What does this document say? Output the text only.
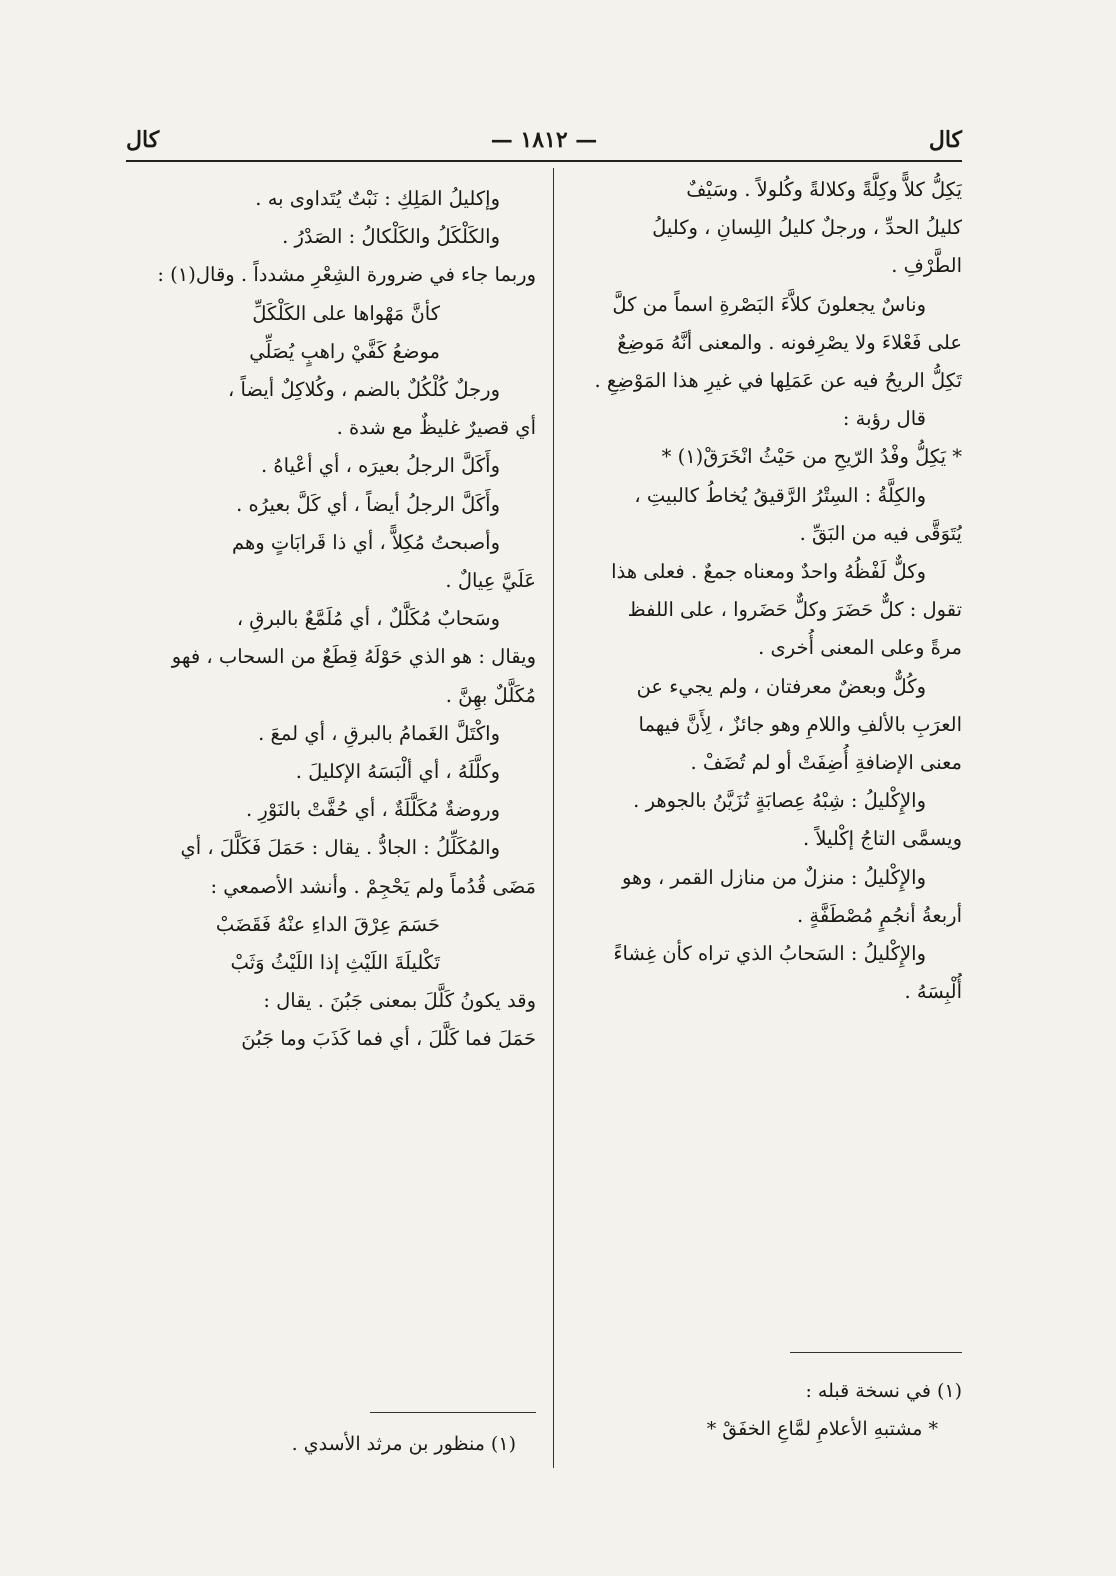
كال
— ١٨١٢ —
كال
يَكِلُّ كلاًّ وكِلَّةً وكلالةً وكُلولاً . وسَيْفٌ
كليلُ الحدِّ ، ورجلٌ كليلُ اللِسانِ ، وكليلُ
الطَّرْفِ .
وناسٌ يجعلونَ كلاَّءَ البَصْرةِ اسماً من كلَّ
على فَعْلاءَ ولا يصْرِفونه . والمعنى أنَّهُ مَوضِعٌ
تَكِلُّ الريحُ فيه عن عَمَلِها في غيرِ هذا المَوْضِعِ .
قال رؤبة :
* يَكِلُّ وفْدُ الرّيحِ من حَيْثُ انْخَرَقْ(١) *
والكِلَّةُ : السِتْرُ الرَّقيقُ يُخاطُ كالبيتِ ،
يُتَوَقَّى فيه من البَقِّ .
وكلٌّ لَفْظُهُ واحدٌ ومعناه جمعٌ . فعلى هذا
تقول : كلٌّ حَضَرَ وكلٌّ حَضَروا ، على اللفظ
مرةً وعلى المعنى أُخرى .
وكُلٌّ وبعضٌ معرفتان ، ولم يجيء عن
العرَبِ بالألفِ واللامِ وهو جائزٌ ، لِأَنَّ فيهما
معنى الإضافةِ أُضِفَتْ أو لم تُضَفْ .
والإِكْليلُ : شِبْهُ عِصابَةٍ تُزَيَّنُ بالجوهر .
ويسمَّى التاجُ إكْليلاً .
والإِكْليلُ : منزلٌ من منازل القمر ، وهو
أربعةُ أنجُمٍ مُصْطَفَّةٍ .
والإِكْليلُ : السَحابُ الذي تراه كأن غِشاءً
أُلْبِسَهُ .
وإكليلُ المَلِكِ : نَبْتٌ يُتَداوى به .
والكَلْكَلُ والكَلْكالُ : الصَدْرُ .
وربما جاء في ضرورة الشِعْرِ مشدداً . وقال(١) :
كأنَّ مَهْواها على الكَلْكَلِّ
موضعُ كَفَّيْ راهبٍ يُصَلِّي
ورجلٌ كُلْكُلٌ بالضم ، وكُلاكِلٌ أيضاً ،
أي قصيرٌ غليظٌ مع شدة .
وأَكَلَّ الرجلُ بعيرَه ، أي أعْياهُ .
وأَكَلَّ الرجلُ أيضاً ، أي كَلَّ بعيرُه .
وأصبحتُ مُكِلاًّ ، أي ذا قَرابَاتٍ وهم
عَلَيَّ عِيالٌ .
وسَحابٌ مُكَلَّلٌ ، أي مُلَمَّعٌ بالبرقِ ،
ويقال : هو الذي حَوْلَهُ قِطَعٌ من السحاب ، فهو
مُكَلَّلٌ بهِنَّ .
واكْتَلَّ الغَمامُ بالبرقِ ، أي لمعَ .
وكلَّلَهُ ، أي ألْبَسَهُ الإكليلَ .
وروضةٌ مُكَلَّلَةٌ ، أي حُفَّتْ بالنَوْرِ .
والمُكَلِّلُ : الجادُّ . يقال : حَمَلَ فَكَلَّلَ ، أي
مَضَى قُدُماً ولم يَحْجِمْ . وأنشد الأصمعي :
حَسَمَ عِرْقَ الداءِ عنْهُ فَقَضَبْ
تَكْليلَةَ اللَيْثِ إذا اللَيْثُ وَثَبْ
وقد يكونُ كَلَّلَ بمعنى جَبُنَ . يقال :
حَمَلَ فما كَلَّلَ ، أي فما كَذَبَ وما جَبُنَ
(١) في نسخة قبله :
* مشتبهِ الأعلامِ لمَّاعِ الخفَقْ *
(١) منظور بن مرثد الأسدي .
